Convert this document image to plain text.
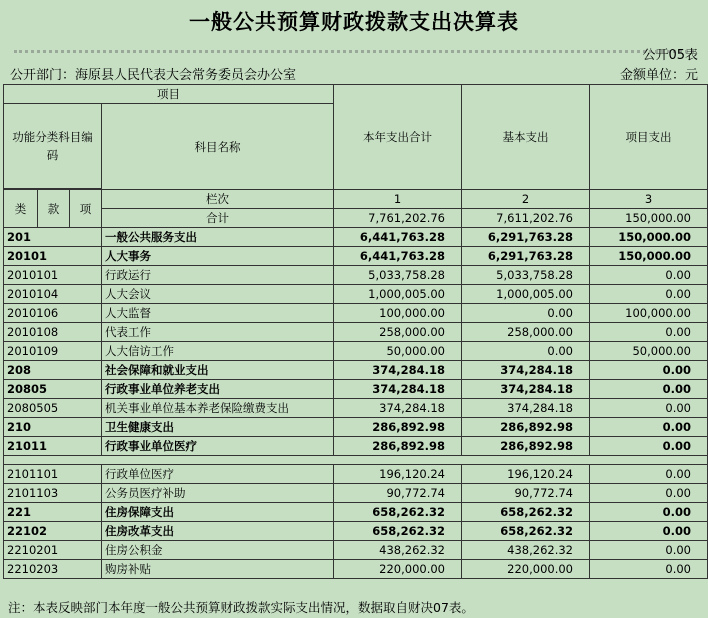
一般公共预算财政拨款支出决算表
公开05表
公开部门：海原县人民代表大会常务委员会办公室	金额单位：元
项目				本年支出合计	基本支出	项目支出
功能分类科目编码			科目名称			

类	款	项	栏次	1	2	3
			合计	7,761,202.76	7,611,202.76	150,000.00
201			一般公共服务支出	6,441,763.28	6,291,763.28	150,000.00
20101			人大事务	6,441,763.28	6,291,763.28	150,000.00
2010101			行政运行	5,033,758.28	5,033,758.28	0.00
2010104			人大会议	1,000,005.00	1,000,005.00	0.00
2010106			人大监督	100,000.00	0.00	100,000.00
2010108			代表工作	258,000.00	258,000.00	0.00
2010109			人大信访工作	50,000.00	0.00	50,000.00
208			社会保障和就业支出	374,284.18	374,284.18	0.00
20805			行政事业单位养老支出	374,284.18	374,284.18	0.00
2080505			机关事业单位基本养老保险缴费支出	374,284.18	374,284.18	0.00
210			卫生健康支出	286,892.98	286,892.98	0.00
21011			行政事业单位医疗	286,892.98	286,892.98	0.00

2101101			行政单位医疗	196,120.24	196,120.24	0.00
2101103			公务员医疗补助	90,772.74	90,772.74	0.00
221			住房保障支出	658,262.32	658,262.32	0.00
22102			住房改革支出	658,262.32	658,262.32	0.00
2210201			住房公积金	438,262.32	438,262.32	0.00
2210203			购房补贴	220,000.00	220,000.00	0.00
注：本表反映部门本年度一般公共预算财政拨款实际支出情况，数据取自财决07表。
